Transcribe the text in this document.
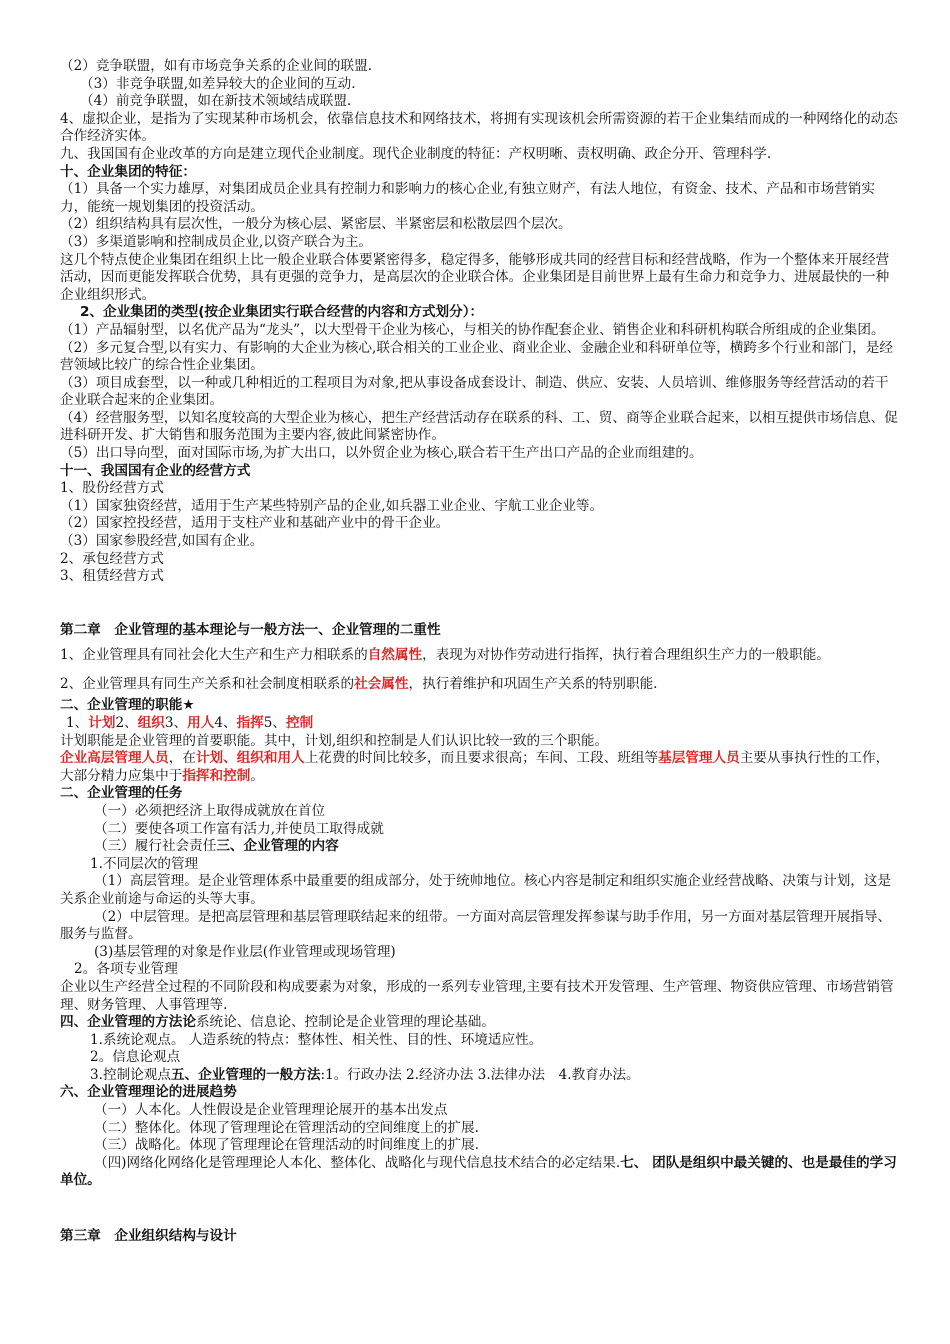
（2）竞争联盟，如有市场竞争关系的企业间的联盟.

（3）非竞争联盟,如差异较大的企业间的互动.

（4）前竞争联盟，如在新技术领域结成联盟.

4、虚拟企业，是指为了实现某种市场机会，依靠信息技术和网络技术，将拥有实现该机会所需资源的若干企业集结而成的一种网络化的动态合作经济实体。

九、我国国有企业改革的方向是建立现代企业制度。现代企业制度的特征：产权明晰、责权明确、政企分开、管理科学.

十、企业集团的特征：

（1）具备一个实力雄厚，对集团成员企业具有控制力和影响力的核心企业,有独立财产，有法人地位，有资金、技术、产品和市场营销实力，能统一规划集团的投资活动。

（2）组织结构具有层次性，一般分为核心层、紧密层、半紧密层和松散层四个层次。

（3）多渠道影响和控制成员企业,以资产联合为主。

这几个特点使企业集团在组织上比一般企业联合体要紧密得多，稳定得多，能够形成共同的经营目标和经营战略，作为一个整体来开展经营活动，因而更能发挥联合优势，具有更强的竞争力，是高层次的企业联合体。企业集团是目前世界上最有生命力和竞争力、进展最快的一种企业组织形式。

2、企业集团的类型(按企业集团实行联合经营的内容和方式划分）：

（1）产品辐射型，以名优产品为“龙头”，以大型骨干企业为核心，与相关的协作配套企业、销售企业和科研机构联合所组成的企业集团。

（2）多元复合型,以有实力、有影响的大企业为核心,联合相关的工业企业、商业企业、金融企业和科研单位等，横跨多个行业和部门，是经营领域比较广的综合性企业集团。

（3）项目成套型，以一种或几种相近的工程项目为对象,把从事设备成套设计、制造、供应、安装、人员培训、维修服务等经营活动的若干企业联合起来的企业集团。

（4）经营服务型，以知名度较高的大型企业为核心，把生产经营活动存在联系的科、工、贸、商等企业联合起来，以相互提供市场信息、促进科研开发、扩大销售和服务范围为主要内容,彼此间紧密协作。

（5）出口导向型，面对国际市场,为扩大出口，以外贸企业为核心,联合若干生产出口产品的企业而组建的。

十一、我国国有企业的经营方式

1、股份经营方式

（1）国家独资经营，适用于生产某些特别产品的企业,如兵器工业企业、宇航工业企业等。

（2）国家控投经营，适用于支柱产业和基础产业中的骨干企业。

（3）国家参股经营,如国有企业。

2、承包经营方式

3、租赁经营方式

第二章　企业管理的基本理论与一般方法一、企业管理的二重性

1、企业管理具有同社会化大生产和生产力相联系的自然属性，表现为对协作劳动进行指挥，执行着合理组织生产力的一般职能。

2、企业管理具有同生产关系和社会制度相联系的社会属性，执行着维护和巩固生产关系的特别职能.

二、企业管理的职能★

1、计划2、组织3、用人4、指挥5、控制

计划职能是企业管理的首要职能。其中，计划,组织和控制是人们认识比较一致的三个职能。

企业高层管理人员，在计划、组织和用人上花费的时间比较多，而且要求很高；车间、工段、班组等基层管理人员主要从事执行性的工作，大部分精力应集中于指挥和控制。

二、企业管理的任务

（一）必须把经济上取得成就放在首位

（二）要使各项工作富有活力,并使员工取得成就

（三）履行社会责任三、企业管理的内容

1.不同层次的管理

（1）高层管理。是企业管理体系中最重要的组成部分，处于统帅地位。核心内容是制定和组织实施企业经营战略、决策与计划，这是关系企业前途与命运的头等大事。

（2）中层管理。是把高层管理和基层管理联结起来的纽带。一方面对高层管理发挥参谋与助手作用，另一方面对基层管理开展指导、服务与监督。

(3)基层管理的对象是作业层(作业管理或现场管理)

2。各项专业管理

企业以生产经营全过程的不同阶段和构成要素为对象，形成的一系列专业管理,主要有技术开发管理、生产管理、物资供应管理、市场营销管理、财务管理、人事管理等.

四、企业管理的方法论系统论、信息论、控制论是企业管理的理论基础。

1.系统论观点。 人造系统的特点：整体性、相关性、目的性、环境适应性。

2。信息论观点

3.控制论观点五、企业管理的一般方法:1。行政办法 2.经济办法 3.法律办法　4.教育办法。

六、企业管理理论的进展趋势

（一）人本化。人性假设是企业管理理论展开的基本出发点

（二）整体化。体现了管理理论在管理活动的空间维度上的扩展.

（三）战略化。体现了管理理论在管理活动的时间维度上的扩展.

（四)网络化网络化是管理理论人本化、整体化、战略化与现代信息技术结合的必定结果.七、 团队是组织中最关键的、也是最佳的学习单位。

第三章　企业组织结构与设计
